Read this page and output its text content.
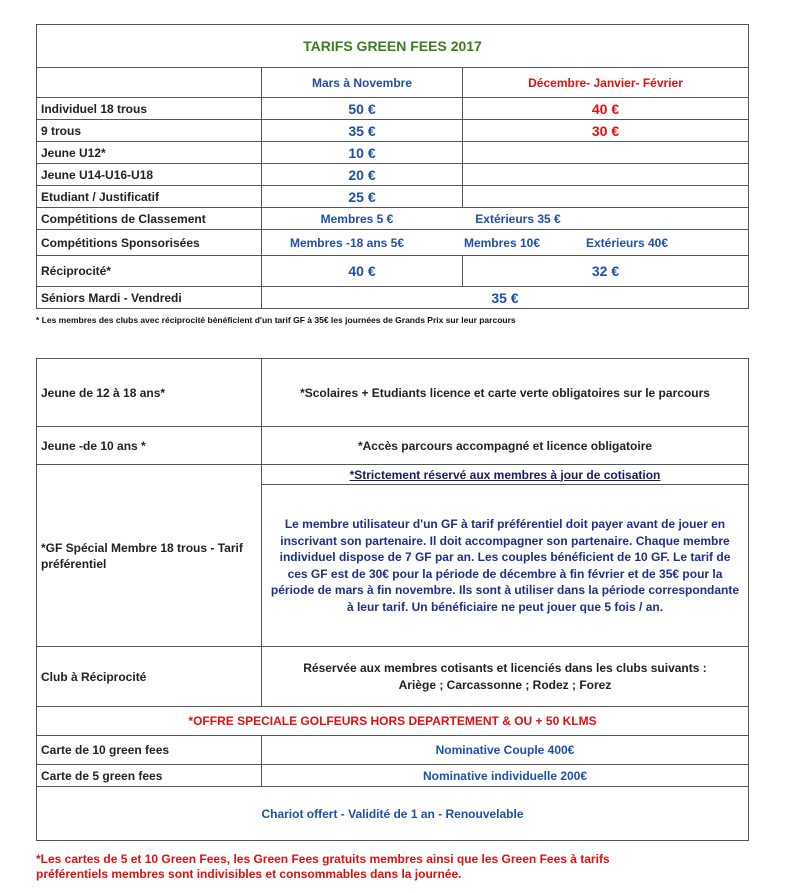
TARIFS GREEN FEES 2017		
	Mars à Novembre	Décembre- Janvier- Février
Individuel 18 trous	50 €	40 €
9 trous	35 €	30 €
Jeune U12*	10 €	
Jeune U14-U16-U18	20 €	
Etudiant / Justificatif	25 €	
Compétitions de Classement	Membres 5 € Extérieurs 35 €	
Compétitions Sponsorisées	Membres -18 ans 5€ Membres 10€ Extérieurs 40€	
Réciprocité*	40 €	32 €
Séniors Mardi - Vendredi	35 €	
* Les membres des clubs avec réciprocité bénéficient d'un tarif GF à 35€ les journées de Grands Prix sur leur parcours
Jeune de 12 à 18 ans*	*Scolaires + Etudiants licence et carte verte obligatoires sur le parcours
Jeune -de 10 ans *	*Accès parcours accompagné et licence obligatoire
*GF Spécial Membre 18 trous - Tarif préférentiel	*Strictement réservé aux membres à jour de cotisation
	Le membre utilisateur d'un GF à tarif préférentiel doit payer avant de jouer en inscrivant son partenaire. Il doit accompagner son partenaire. Chaque membre individuel dispose de 7 GF par an. Les couples bénéficient de 10 GF. Le tarif de ces GF est de 30€ pour la période de décembre à fin février et de 35€ pour la période de mars à fin novembre. Ils sont à utiliser dans la période correspondante à leur tarif. Un bénéficiaire ne peut jouer que 5 fois / an.
Club à Réciprocité	Réservée aux membres cotisants et licenciés dans les clubs suivants : Ariège ; Carcassonne ; Rodez ; Forez
*OFFRE SPECIALE GOLFEURS HORS DEPARTEMENT & OU + 50 KLMS	
Carte de 10 green fees	Nominative Couple 400€
Carte de 5 green fees	Nominative individuelle 200€
Chariot offert - Validité de 1 an - Renouvelable	
*Les cartes de 5 et 10 Green Fees, les Green Fees gratuits membres ainsi que les Green Fees à tarifs préférentiels membres sont indivisibles et consommables dans la journée.
